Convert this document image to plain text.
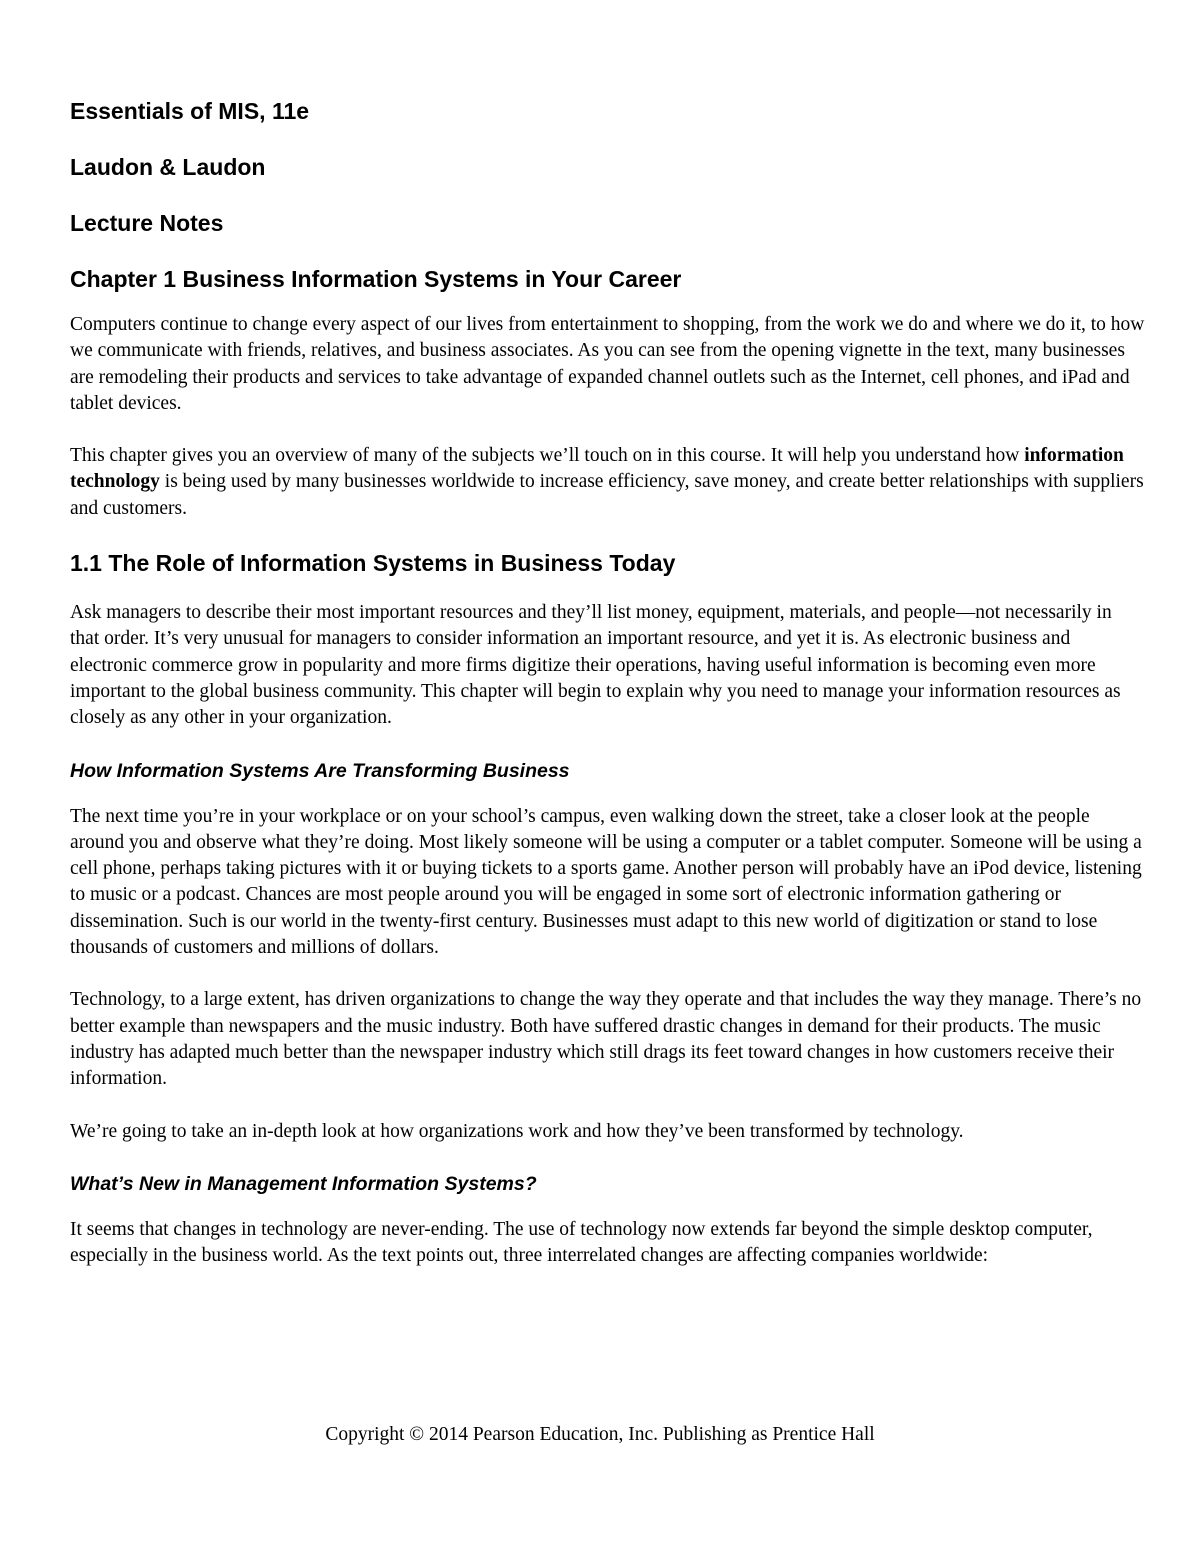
Essentials of MIS, 11e
Laudon & Laudon
Lecture Notes
Chapter 1 Business Information Systems in Your Career

Computers continue to change every aspect of our lives from entertainment to shopping, from the work we do and where we do it, to how we communicate with friends, relatives, and business associates. As you can see from the opening vignette in the text, many businesses are remodeling their products and services to take advantage of expanded channel outlets such as the Internet, cell phones, and iPad and tablet devices.

This chapter gives you an overview of many of the subjects we’ll touch on in this course. It will help you understand how information technology is being used by many businesses worldwide to increase efficiency, save money, and create better relationships with suppliers and customers.

1.1 The Role of Information Systems in Business Today

Ask managers to describe their most important resources and they’ll list money, equipment, materials, and people—not necessarily in that order. It’s very unusual for managers to consider information an important resource, and yet it is. As electronic business and electronic commerce grow in popularity and more firms digitize their operations, having useful information is becoming even more important to the global business community. This chapter will begin to explain why you need to manage your information resources as closely as any other in your organization.

How Information Systems Are Transforming Business

The next time you’re in your workplace or on your school’s campus, even walking down the street, take a closer look at the people around you and observe what they’re doing. Most likely someone will be using a computer or a tablet computer. Someone will be using a cell phone, perhaps taking pictures with it or buying tickets to a sports game. Another person will probably have an iPod device, listening to music or a podcast. Chances are most people around you will be engaged in some sort of electronic information gathering or dissemination. Such is our world in the twenty-first century. Businesses must adapt to this new world of digitization or stand to lose thousands of customers and millions of dollars.

Technology, to a large extent, has driven organizations to change the way they operate and that includes the way they manage. There’s no better example than newspapers and the music industry. Both have suffered drastic changes in demand for their products. The music industry has adapted much better than the newspaper industry which still drags its feet toward changes in how customers receive their information.

We’re going to take an in-depth look at how organizations work and how they’ve been transformed by technology.

What’s New in Management Information Systems?

It seems that changes in technology are never-ending. The use of technology now extends far beyond the simple desktop computer, especially in the business world. As the text points out, three interrelated changes are affecting companies worldwide:

Copyright © 2014 Pearson Education, Inc. Publishing as Prentice Hall
